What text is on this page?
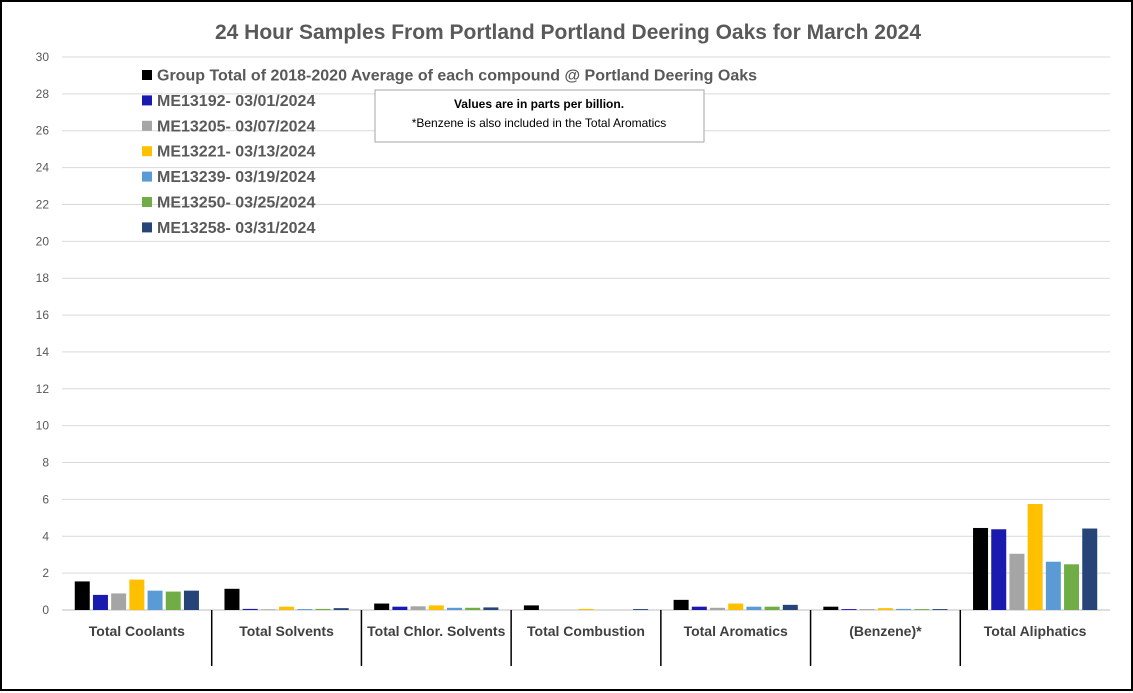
24 Hour Samples From Portland Portland Deering Oaks for March 2024
0
2
4
6
8
10
12
14
16
18
20
22
24
26
28
30
Total Coolants	Total Solvents Total Chlor. Solvents Total Combustion	Total Aromatics	(Benzene)*	Total Aliphatics
Group Total of 2018-2020 Average of each compound @ Portland Deering Oaks
ME13192- 03/01/2024
ME13205- 03/07/2024
ME13221- 03/13/2024
ME13239- 03/19/2024
ME13250- 03/25/2024
ME13258- 03/31/2024
Values are in parts per billion.
*Benzene is also included in the Total Aromatics
